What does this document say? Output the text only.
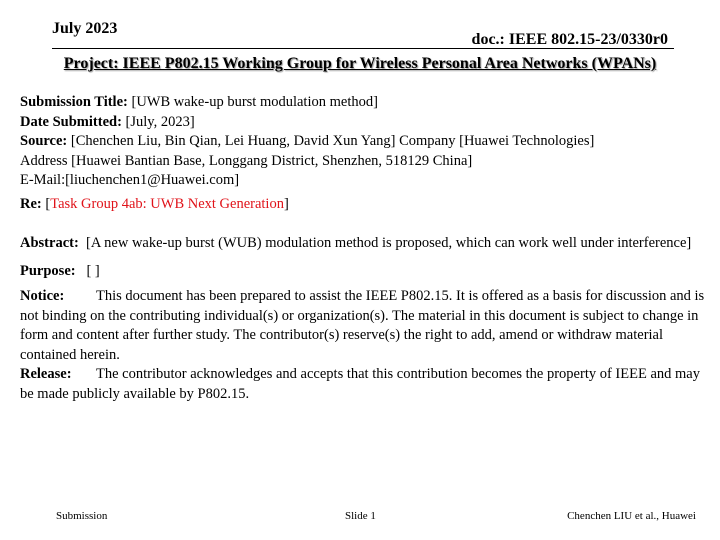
July 2023
doc.: IEEE 802.15-23/0330r0
Project: IEEE P802.15 Working Group for Wireless Personal Area Networks (WPANs)

Submission Title: [UWB wake-up burst modulation method]

Date Submitted: [July, 2023]

Source: [Chenchen Liu, Bin Qian, Lei Huang, David Xun Yang] Company [Huawei Technologies]

Address [Huawei Bantian Base, Longgang District, Shenzhen, 518129 China]

E-Mail:[liuchenchen1@Huawei.com]

Re: [Task Group 4ab: UWB Next Generation]

Abstract: [A new wake-up burst (WUB) modulation method is proposed, which can work well under interference]

Purpose: [ ]

Notice: This document has been prepared to assist the IEEE P802.15. It is offered as a basis for discussion and is not binding on the contributing individual(s) or organization(s). The material in this document is subject to change in form and content after further study. The contributor(s) reserve(s) the right to add, amend or withdraw material contained herein.

Release: The contributor acknowledges and accepts that this contribution becomes the property of IEEE and may be made publicly available by P802.15.

Submission	Slide 1	Chenchen LIU et al., Huawei
